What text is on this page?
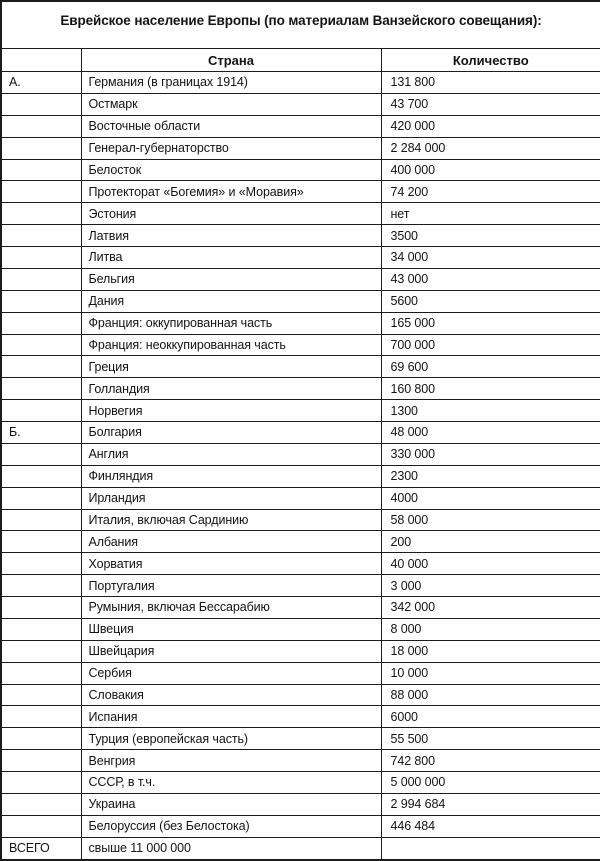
Еврейское население Европы (по материалам Ванзейского совещания):		
	Страна	Количество
А.	Германия (в границах 1914)	131 800
	Остмарк	43 700
	Восточные области	420 000
	Генерал-губернаторство	2 284 000
	Белосток	400 000
	Протекторат «Богемия» и «Моравия»	74 200
	Эстония	нет
	Латвия	3500
	Литва	34 000
	Бельгия	43 000
	Дания	5600
	Франция: оккупированная часть	165 000
	Франция: неоккупированная часть	700 000
	Греция	69 600
	Голландия	160 800
	Норвегия	1300
Б.	Болгария	48 000
	Англия	330 000
	Финляндия	2300
	Ирландия	4000
	Италия, включая Сардинию	58 000
	Албания	200
	Хорватия	40 000
	Португалия	3 000
	Румыния, включая Бессарабию	342 000
	Швеция	8 000
	Швейцария	18 000
	Сербия	10 000
	Словакия	88 000
	Испания	6000
	Турция (европейская часть)	55 500
	Венгрия	742 800
	СССР, в т.ч.	5 000 000
	Украина	2 994 684
	Белоруссия (без Белостока)	446 484
ВСЕГО	свыше 11 000 000	
